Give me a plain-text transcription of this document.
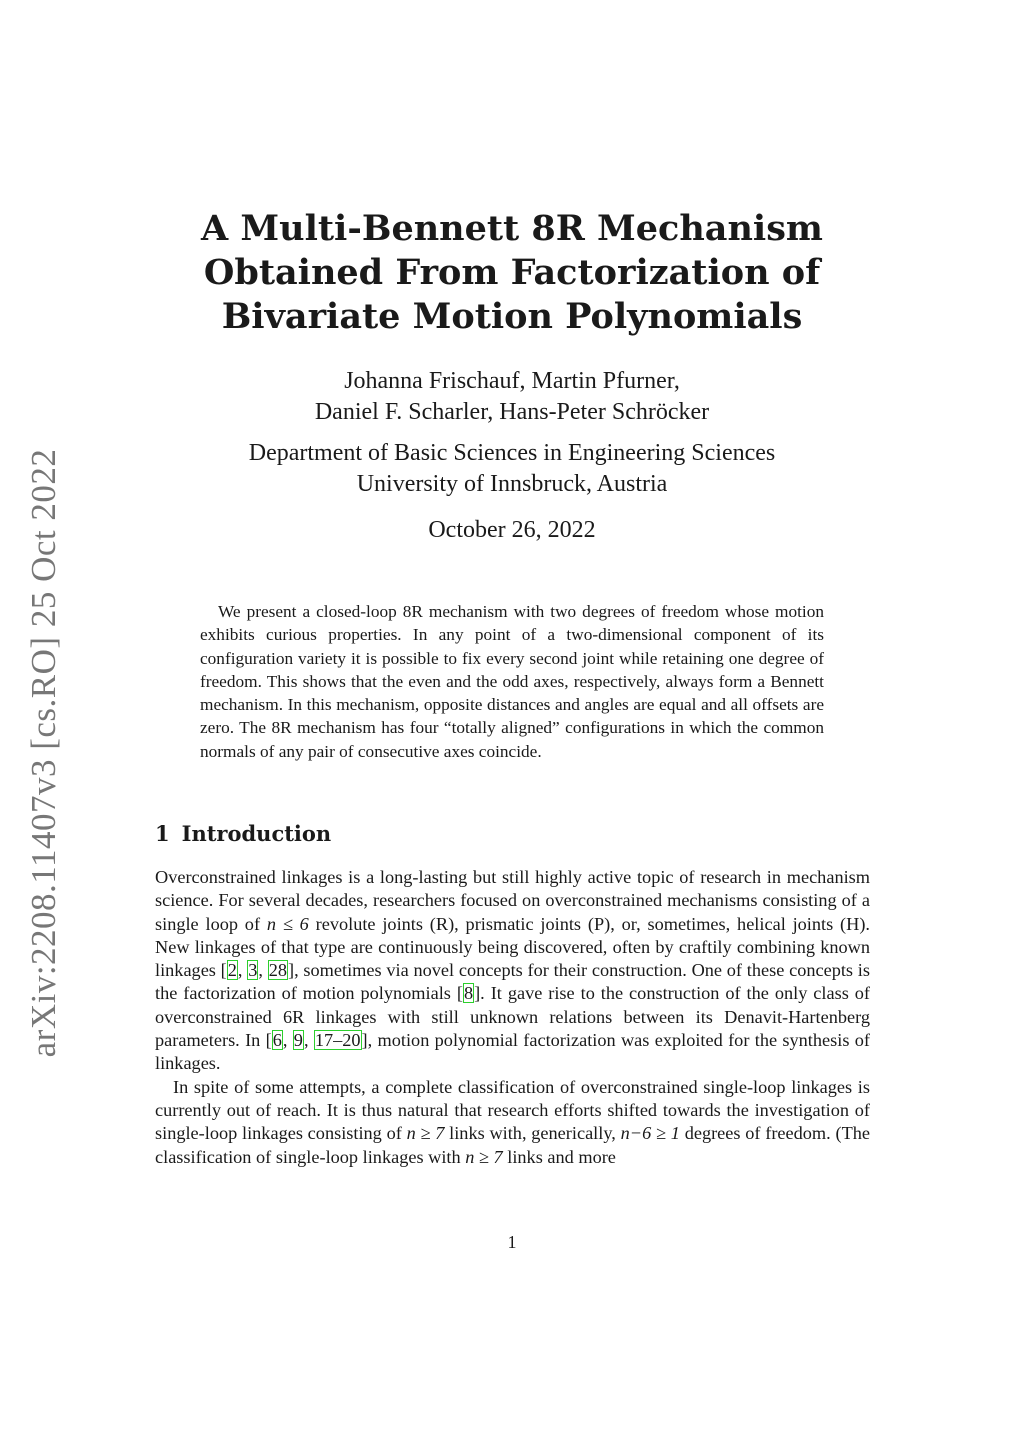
arXiv:2208.11407v3 [cs.RO] 25 Oct 2022
A Multi-Bennett 8R Mechanism
Obtained From Factorization of
Bivariate Motion Polynomials
Johanna Frischauf, Martin Pfurner,
Daniel F. Scharler, Hans-Peter Schröcker
Department of Basic Sciences in Engineering Sciences
University of Innsbruck, Austria
October 26, 2022
We present a closed-loop 8R mechanism with two degrees of freedom whose motion exhibits curious properties. In any point of a two-dimensional component of its configuration variety it is possible to fix every second joint while retaining one degree of freedom. This shows that the even and the odd axes, respectively, always form a Bennett mechanism. In this mechanism, opposite distances and angles are equal and all offsets are zero. The 8R mechanism has four “totally aligned” configurations in which the common normals of any pair of consecutive axes coincide.
1 Introduction

Overconstrained linkages is a long-lasting but still highly active topic of research in mechanism science. For several decades, researchers focused on overconstrained mechanisms consisting of a single loop of n ≤ 6 revolute joints (R), prismatic joints (P), or, sometimes, helical joints (H). New linkages of that type are continuously being discovered, often by craftily combining known linkages [2, 3, 28], sometimes via novel concepts for their construction. One of these concepts is the factorization of motion polynomials [8]. It gave rise to the construction of the only class of overconstrained 6R linkages with still unknown relations between its Denavit-Hartenberg parameters. In [6, 9, 17–20], motion polynomial factorization was exploited for the synthesis of linkages.

In spite of some attempts, a complete classification of overconstrained single-loop linkages is currently out of reach. It is thus natural that research efforts shifted towards the investigation of single-loop linkages consisting of n ≥ 7 links with, generically, n−6 ≥ 1 degrees of freedom. (The classification of single-loop linkages with n ≥ 7 links and more

1
